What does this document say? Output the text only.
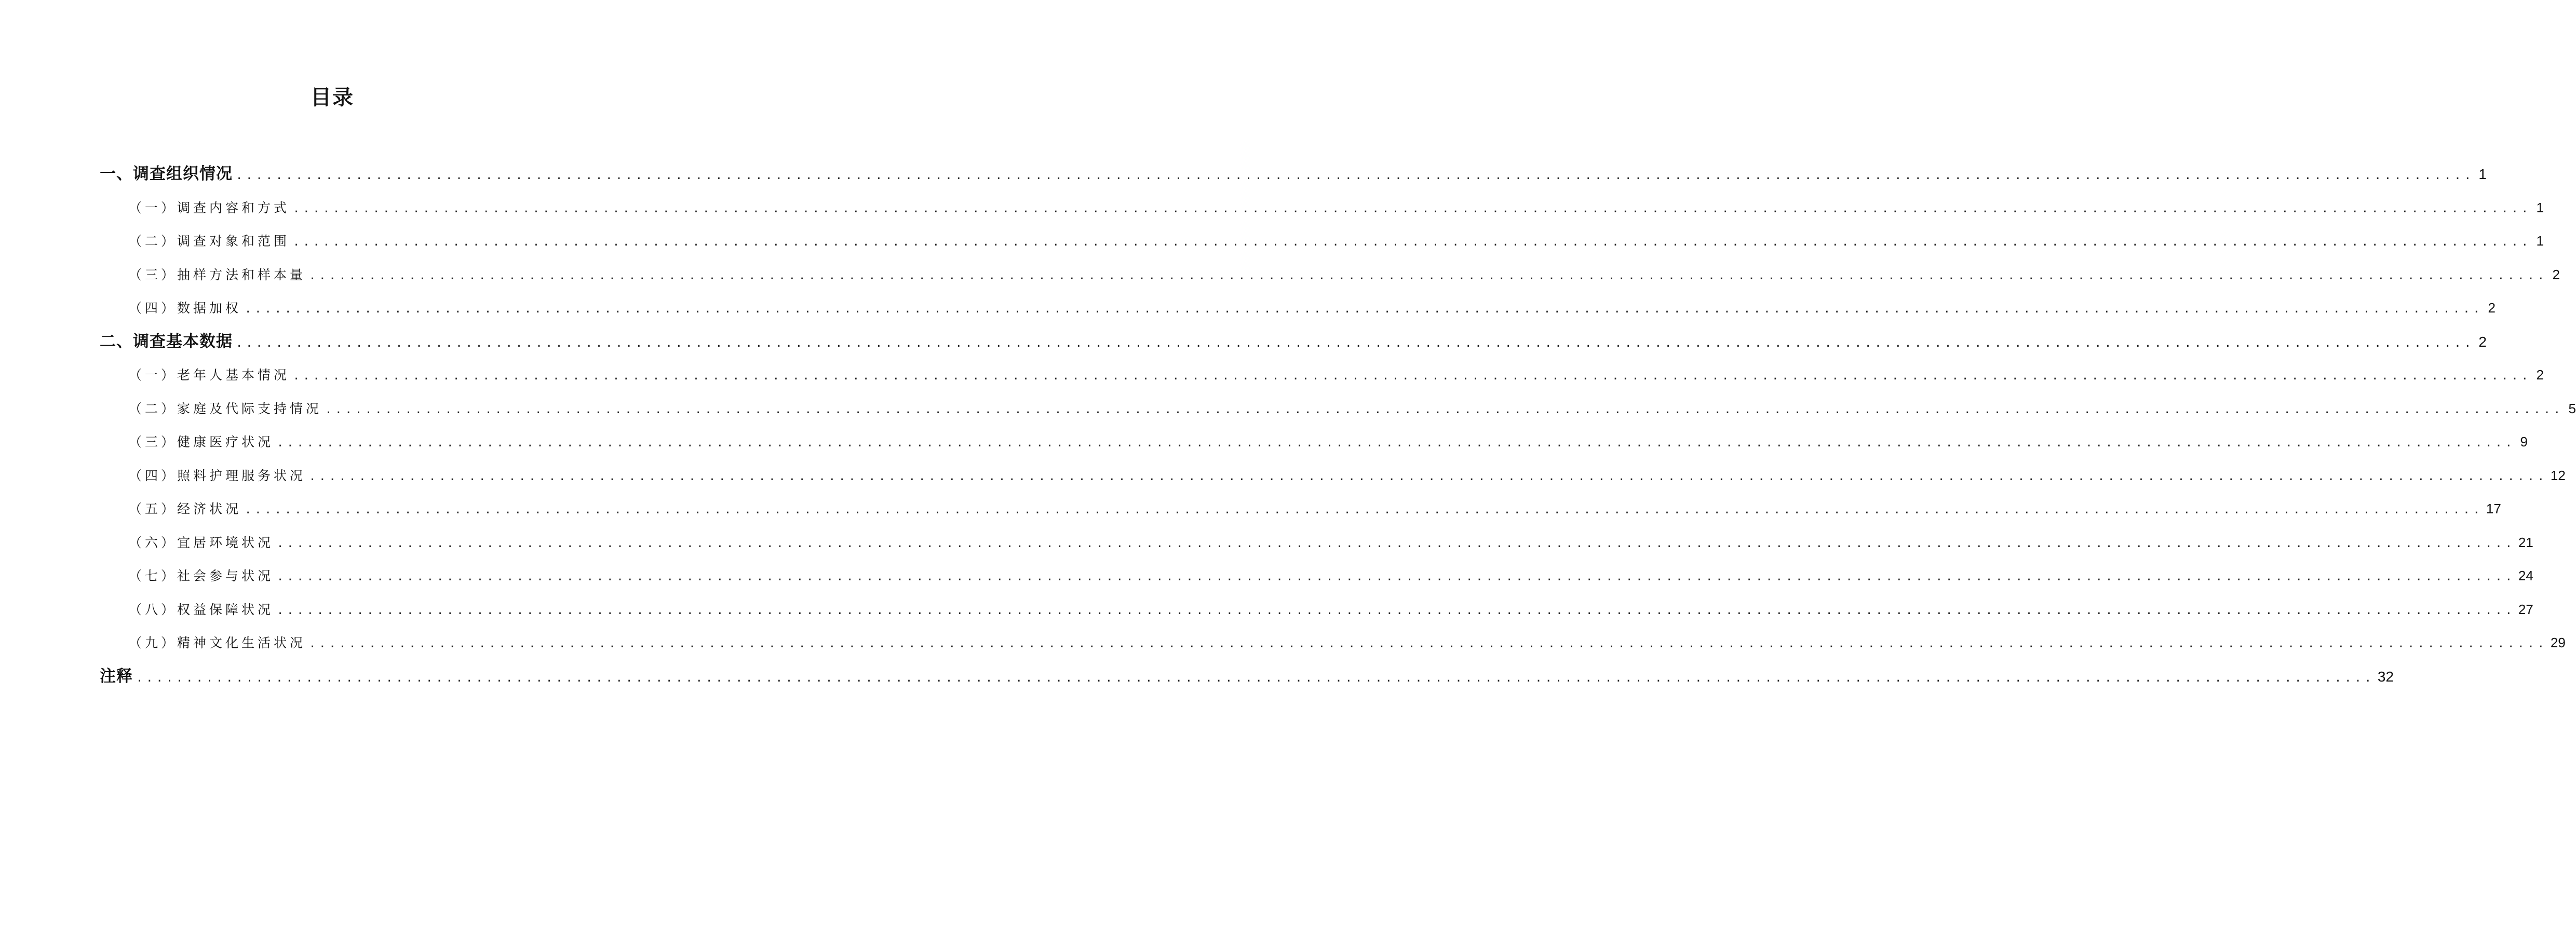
目录
一、调查组织情况 ................................................................................................................................................................................................................................ 1
（一）调查内容和方式 ................................................................................................................................................................................................................................ 1
（二）调查对象和范围 ................................................................................................................................................................................................................................ 1
（三）抽样方法和样本量 ................................................................................................................................................................................................................................ 2
（四）数据加权 ................................................................................................................................................................................................................................ 2
二、调查基本数据 ................................................................................................................................................................................................................................ 2
（一）老年人基本情况 ................................................................................................................................................................................................................................ 2
（二）家庭及代际支持情况 ................................................................................................................................................................................................................................ 5
（三）健康医疗状况 ................................................................................................................................................................................................................................ 9
（四）照料护理服务状况 ................................................................................................................................................................................................................................ 12
（五）经济状况 ................................................................................................................................................................................................................................ 17
（六）宜居环境状况 ................................................................................................................................................................................................................................ 21
（七）社会参与状况 ................................................................................................................................................................................................................................ 24
（八）权益保障状况 ................................................................................................................................................................................................................................ 27
（九）精神文化生活状况 ................................................................................................................................................................................................................................ 29
注释 ................................................................................................................................................................................................................................ 32
